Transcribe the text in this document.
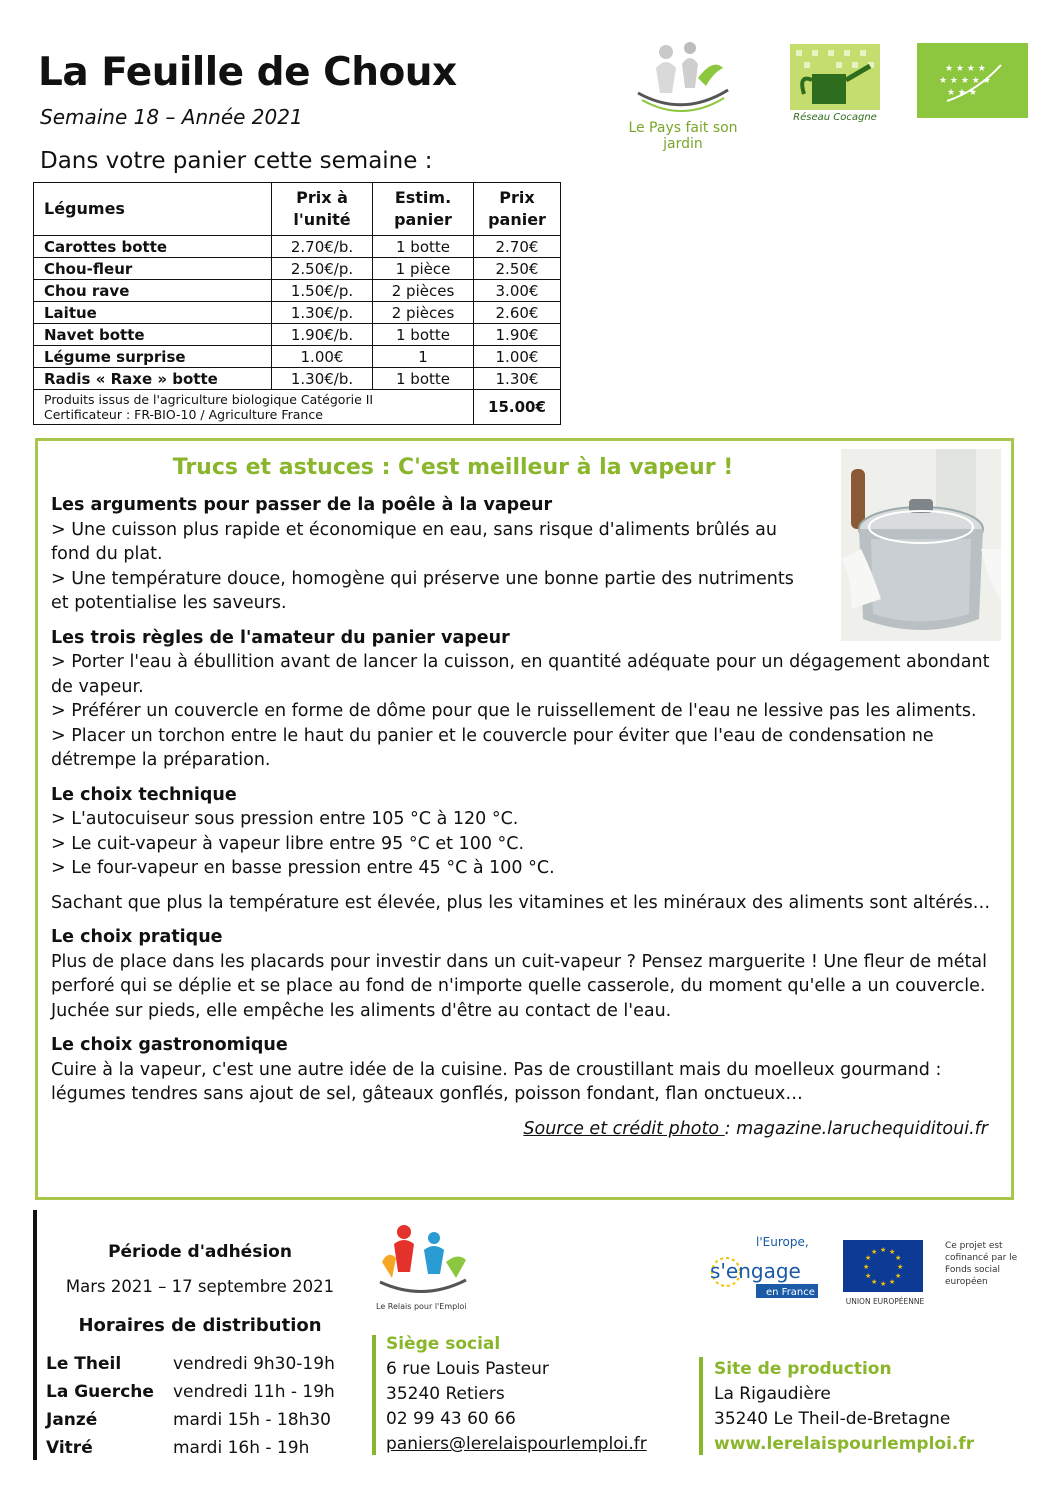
La Feuille de Choux
Semaine 18 – Année 2021
Dans votre panier cette semaine :
Le Pays fait son jardin
Réseau Cocagne
★ ★ ★ ★
★ ★ ★ ★ ★
★ ★ ★
Légumes	Prix à l'unité	Estim. panier	Prix panier
Carottes botte	2.70€/b.	1 botte	2.70€
Chou-fleur	2.50€/p.	1 pièce	2.50€
Chou rave	1.50€/p.	2 pièces	3.00€
Laitue	1.30€/p.	2 pièces	2.60€
Navet botte	1.90€/b.	1 botte	1.90€
Légume surprise	1.00€	1	1.00€
Radis « Raxe » botte	1.30€/b.	1 botte	1.30€

Produits issus de l'agriculture biologique Catégorie II
Certificateur : FR-BIO-10 / Agriculture France			15.00€
Trucs et astuces : C'est meilleur à la vapeur !
Les arguments pour passer de la poêle à la vapeur

> Une cuisson plus rapide et économique en eau, sans risque d'aliments brûlés au fond du plat.

> Une température douce, homogène qui préserve une bonne partie des nutriments et potentialise les saveurs.

Les trois règles de l'amateur du panier vapeur

> Porter l'eau à ébullition avant de lancer la cuisson, en quantité adéquate pour un dégagement abondant de vapeur.

> Préférer un couvercle en forme de dôme pour que le ruissellement de l'eau ne lessive pas les aliments.

> Placer un torchon entre le haut du panier et le couvercle pour éviter que l'eau de condensation ne détrempe la préparation.

Le choix technique

> L'autocuiseur sous pression entre 105 °C à 120 °C.

> Le cuit-vapeur à vapeur libre entre 95 °C et 100 °C.

> Le four-vapeur en basse pression entre 45 °C à 100 °C.

Sachant que plus la température est élevée, plus les vitamines et les minéraux des aliments sont altérés…

Le choix pratique

Plus de place dans les placards pour investir dans un cuit-vapeur ? Pensez marguerite ! Une fleur de métal perforé qui se déplie et se place au fond de n'importe quelle casserole, du moment qu'elle a un couvercle. Juchée sur pieds, elle empêche les aliments d'être au contact de l'eau.

Le choix gastronomique

Cuire à la vapeur, c'est une autre idée de la cuisine. Pas de croustillant mais du moelleux gourmand : légumes tendres sans ajout de sel, gâteaux gonflés, poisson fondant, flan onctueux…

Source et crédit photo : magazine.laruchequiditoui.fr
Période d'adhésion
Mars 2021 – 17 septembre 2021
Horaires de distribution
Le Theil	vendredi 9h30-19h
La Guerche	vendredi 11h - 19h
Janzé	mardi 15h - 18h30
Vitré	mardi 16h - 19h
Le Relais pour l'Emploi
Siège social
6 rue Louis Pasteur
35240 Retiers
02 99 43 60 66
paniers@lerelaispourlemploi.fr
l'Europe,
s'engage
en France
★ ★
★
★
★
★
★
★
★
★
★
★
UNION EUROPÉENNE
Ce projet est cofinancé par le Fonds social européen
Site de production
La Rigaudière
35240 Le Theil-de-Bretagne
www.lerelaispourlemploi.fr
